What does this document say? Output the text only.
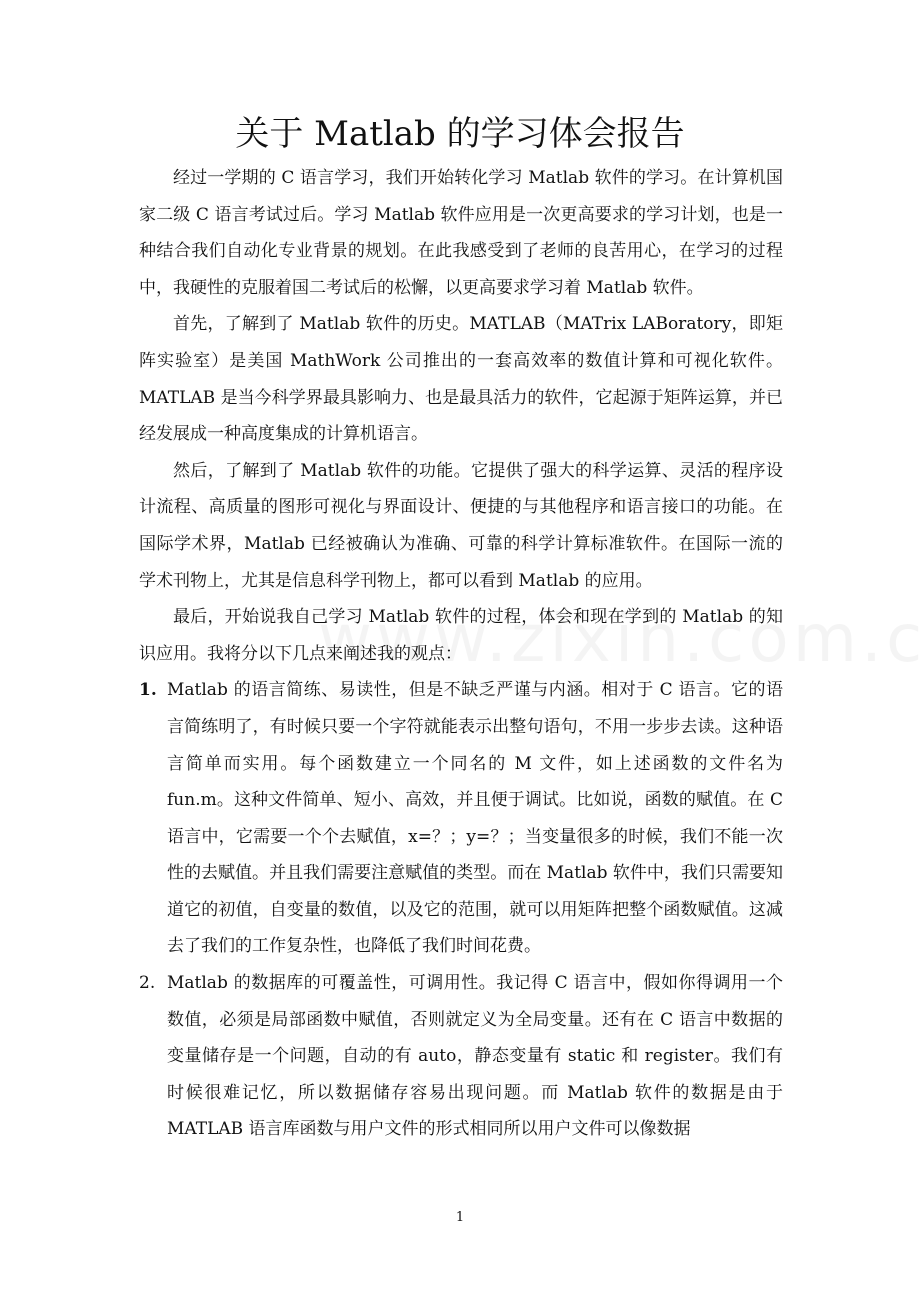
关于 Matlab 的学习体会报告

经过一学期的 C 语言学习，我们开始转化学习 Matlab 软件的学习。在计算机国家二级 C 语言考试过后。学习 Matlab 软件应用是一次更高要求的学习计划，也是一种结合我们自动化专业背景的规划。在此我感受到了老师的良苦用心，在学习的过程中，我硬性的克服着国二考试后的松懈，以更高要求学习着 Matlab 软件。

首先，了解到了 Matlab 软件的历史。MATLAB（MATrix LABoratory，即矩阵实验室）是美国 MathWork 公司推出的一套高效率的数值计算和可视化软件。MATLAB 是当今科学界最具影响力、也是最具活力的软件，它起源于矩阵运算，并已经发展成一种高度集成的计算机语言。

然后，了解到了 Matlab 软件的功能。它提供了强大的科学运算、灵活的程序设计流程、高质量的图形可视化与界面设计、便捷的与其他程序和语言接口的功能。在国际学术界，Matlab 已经被确认为准确、可靠的科学计算标准软件。在国际一流的学术刊物上，尤其是信息科学刊物上，都可以看到 Matlab 的应用。

最后，开始说我自己学习 Matlab 软件的过程，体会和现在学到的 Matlab 的知识应用。我将分以下几点来阐述我的观点：

1. Matlab 的语言简练、易读性，但是不缺乏严谨与内涵。相对于 C 语言。它的语言简练明了，有时候只要一个字符就能表示出整句语句，不用一步步去读。这种语言简单而实用。每个函数建立一个同名的 M 文件，如上述函数的文件名为 fun.m。这种文件简单、短小、高效，并且便于调试。比如说，函数的赋值。在 C 语言中，它需要一个个去赋值，x=？；y=？；当变量很多的时候，我们不能一次性的去赋值。并且我们需要注意赋值的类型。而在 Matlab 软件中，我们只需要知道它的初值，自变量的数值，以及它的范围，就可以用矩阵把整个函数赋值。这减去了我们的工作复杂性，也降低了我们时间花费。
2. Matlab 的数据库的可覆盖性，可调用性。我记得 C 语言中，假如你得调用一个数值，必须是局部函数中赋值，否则就定义为全局变量。还有在 C 语言中数据的变量储存是一个问题，自动的有 auto，静态变量有 static 和 register。我们有时候很难记忆，所以数据储存容易出现问题。而 Matlab 软件的数据是由于 MATLAB 语言库函数与用户文件的形式相同所以用户文件可以像数据
1
